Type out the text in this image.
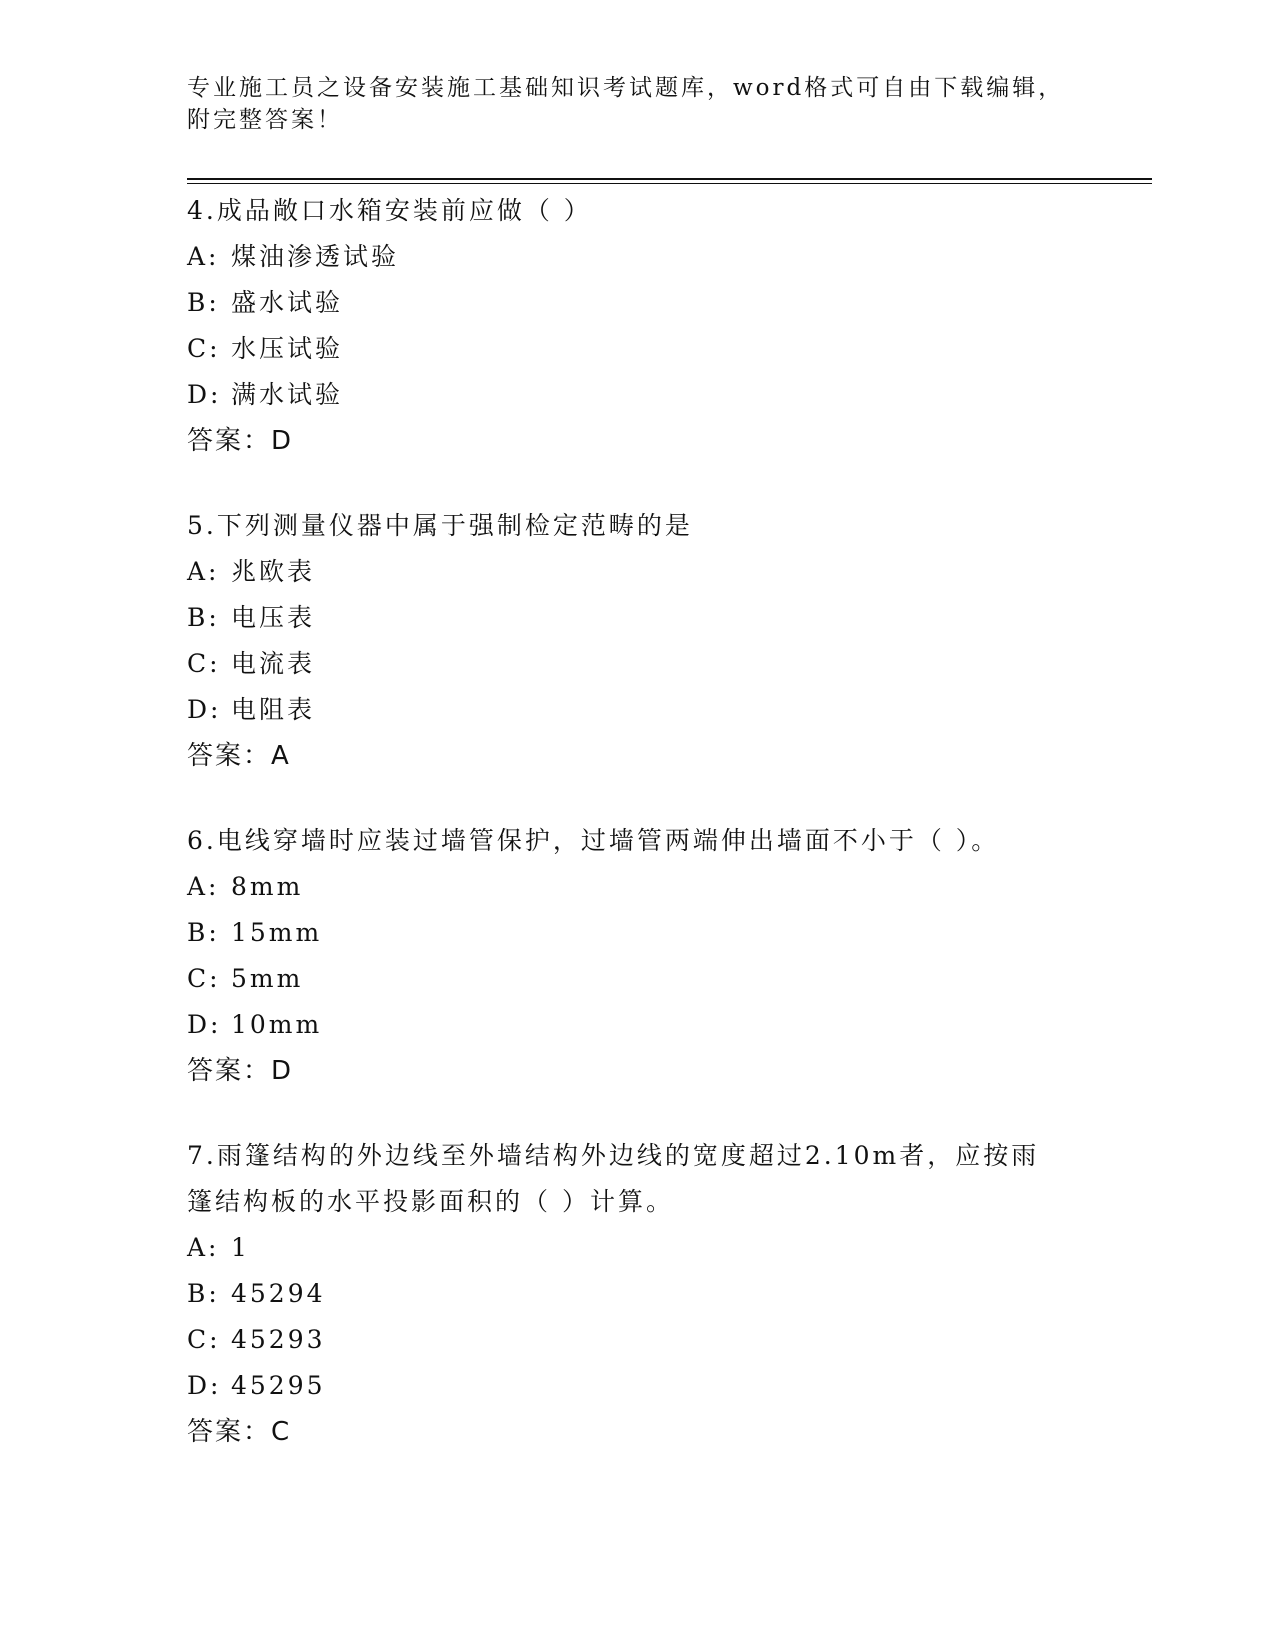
专业施工员之设备安装施工基础知识考试题库，word格式可自由下载编辑，附完整答案！
4.成品敞口水箱安装前应做（ ）
A: 煤油渗透试验
B: 盛水试验
C: 水压试验
D: 满水试验
答案：D
5.下列测量仪器中属于强制检定范畴的是
A: 兆欧表
B: 电压表
C: 电流表
D: 电阻表
答案：A
6.电线穿墙时应装过墙管保护，过墙管两端伸出墙面不小于（ ）。
A: 8mm
B: 15mm
C: 5mm
D: 10mm
答案：D
7.雨篷结构的外边线至外墙结构外边线的宽度超过2.10m者，应按雨篷结构板的水平投影面积的（ ）计算。
A: 1
B: 45294
C: 45293
D: 45295
答案：C
